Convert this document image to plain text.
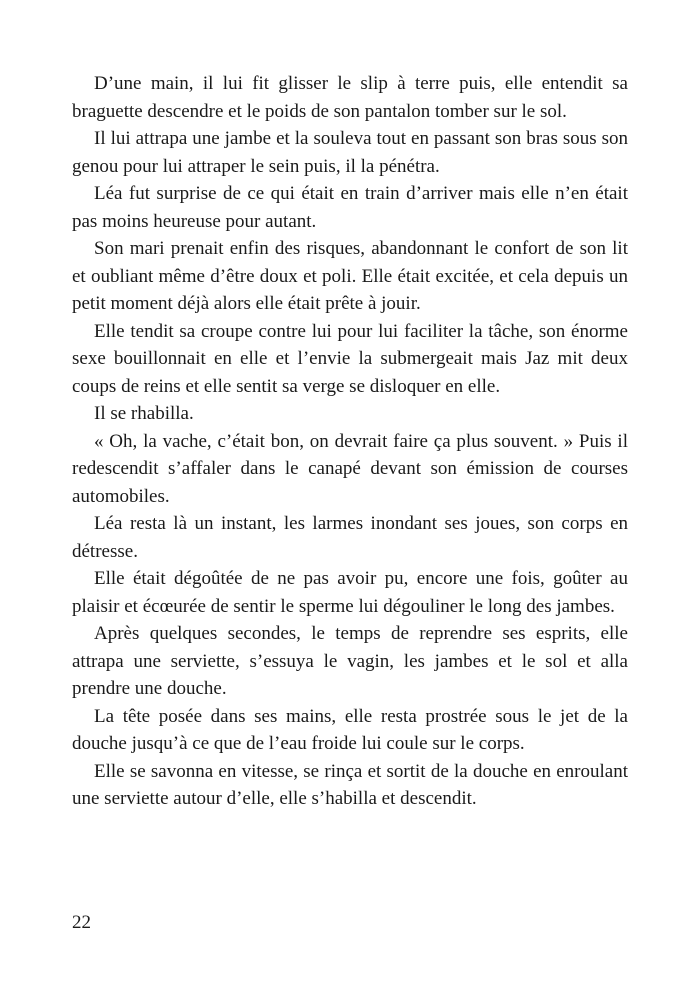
D’une main, il lui fit glisser le slip à terre puis, elle entendit sa braguette descendre et le poids de son pantalon tomber sur le sol.

Il lui attrapa une jambe et la souleva tout en passant son bras sous son genou pour lui attraper le sein puis, il la pénétra.

Léa fut surprise de ce qui était en train d’arriver mais elle n’en était pas moins heureuse pour autant.

Son mari prenait enfin des risques, abandonnant le confort de son lit et oubliant même d’être doux et poli. Elle était excitée, et cela depuis un petit moment déjà alors elle était prête à jouir.

Elle tendit sa croupe contre lui pour lui faciliter la tâche, son énorme sexe bouillonnait en elle et l’envie la submergeait mais Jaz mit deux coups de reins et elle sentit sa verge se disloquer en elle.

Il se rhabilla.

« Oh, la vache, c’était bon, on devrait faire ça plus souvent. » Puis il redescendit s’affaler dans le canapé devant son émission de courses automobiles.

Léa resta là un instant, les larmes inondant ses joues, son corps en détresse.

Elle était dégoûtée de ne pas avoir pu, encore une fois, goûter au plaisir et écœurée de sentir le sperme lui dégouliner le long des jambes.

Après quelques secondes, le temps de reprendre ses esprits, elle attrapa une serviette, s’essuya le vagin, les jambes et le sol et alla prendre une douche.

La tête posée dans ses mains, elle resta prostrée sous le jet de la douche jusqu’à ce que de l’eau froide lui coule sur le corps.

Elle se savonna en vitesse, se rinça et sortit de la douche en enroulant une serviette autour d’elle, elle s’habilla et descendit.

22
